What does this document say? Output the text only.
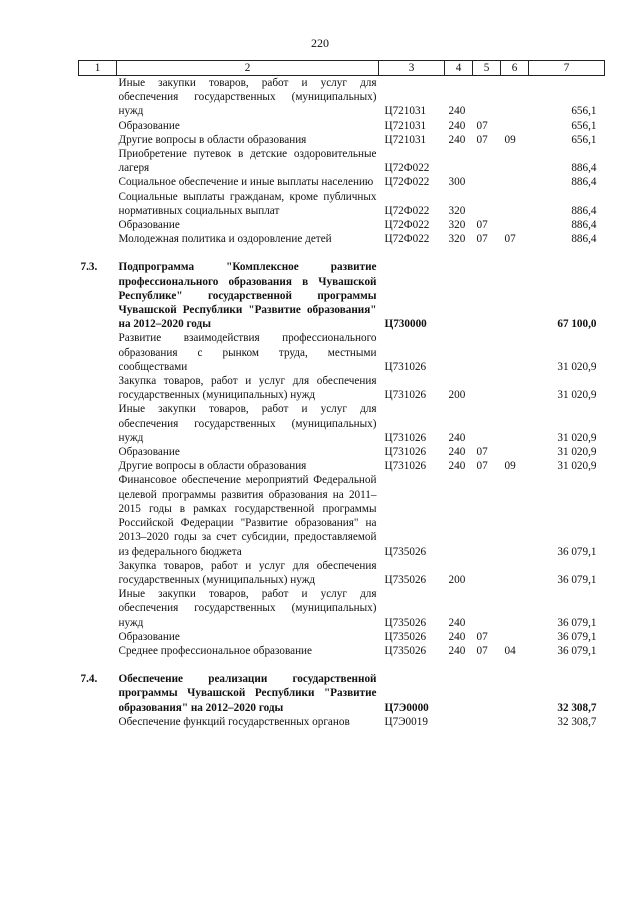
220
1	2	3	4	5	6	7
	Иные закупки товаров, работ и услуг для обеспечения государственных (муниципальных) нужд	Ц721031	240			656,1
	Образование	Ц721031	240	07		656,1
	Другие вопросы в области образования	Ц721031	240	07	09	656,1
	Приобретение путевок в детские оздоровительные лагеря	Ц72Ф022				886,4
	Социальное обеспечение и иные выплаты населению	Ц72Ф022	300			886,4
	Социальные выплаты гражданам, кроме публичных нормативных социальных выплат	Ц72Ф022	320			886,4
	Образование	Ц72Ф022	320	07		886,4
	Молодежная политика и оздоровление детей	Ц72Ф022	320	07	07	886,4

7.3.	Подпрограмма "Комплексное развитие профессионального образования в Чувашской Республике" государственной программы Чувашской Республики "Развитие образования" на 2012–2020 годы	Ц730000				67 100,0
	Развитие взаимодействия профессионального образования с рынком труда, местными сообществами	Ц731026				31 020,9
	Закупка товаров, работ и услуг для обеспечения государственных (муниципальных) нужд	Ц731026	200			31 020,9
	Иные закупки товаров, работ и услуг для обеспечения государственных (муниципальных) нужд	Ц731026	240			31 020,9
	Образование	Ц731026	240	07		31 020,9
	Другие вопросы в области образования	Ц731026	240	07	09	31 020,9
	Финансовое обеспечение мероприятий Федеральной целевой программы развития образования на 2011–2015 годы в рамках государственной программы Российской Федерации "Развитие образования" на 2013–2020 годы за счет субсидии, предоставляемой из федерального бюджета	Ц735026				36 079,1
	Закупка товаров, работ и услуг для обеспечения государственных (муниципальных) нужд	Ц735026	200			36 079,1
	Иные закупки товаров, работ и услуг для обеспечения государственных (муниципальных) нужд	Ц735026	240			36 079,1
	Образование	Ц735026	240	07		36 079,1
	Среднее профессиональное образование	Ц735026	240	07	04	36 079,1

7.4.	Обеспечение реализации государственной программы Чувашской Республики "Развитие образования" на 2012–2020 годы	Ц7Э0000				32 308,7
	Обеспечение функций государственных органов	Ц7Э0019				32 308,7
